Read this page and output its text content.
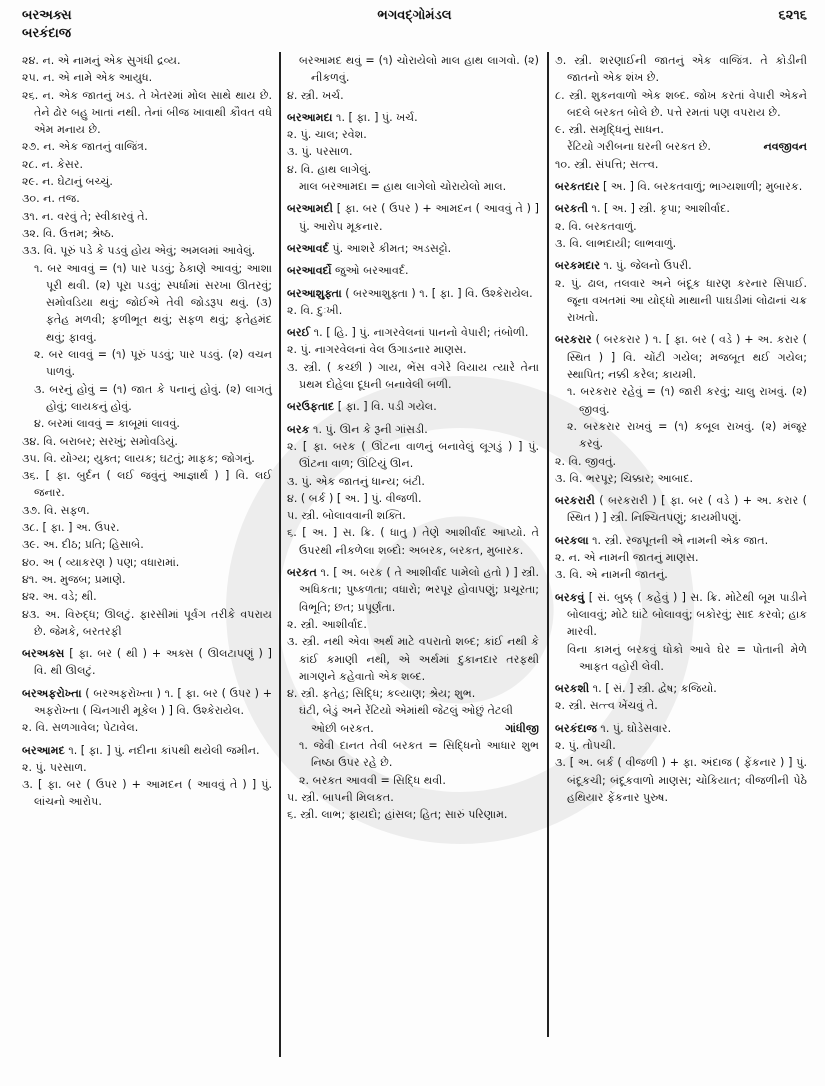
બરઅક્સ	ભગવદ્ગોમંડલ	૬૨૧૬
બરકંદાજ

૨૪. ન. એ નામનું એક સુગંધી દ્રવ્ય.

૨૫. ન. એ નામે એક આયુધ.

૨૬. ન. એક જાતનું ખડ. તે ખેતરમાં મોલ સાથે થાય છે. તેને ઢોર બહુ ખાતાં નથી. તેનાં બીજ ખાવાથી કૌવત વધે એમ મનાય છે.

૨૭. ન. એક જાતનું વાજિંત્ર.

૨૮. ન. કેસર.

૨૯. ન. ઘેટાનું બચ્ચું.

૩૦. ન. તજ.

૩૧. ન. વરવું તે; સ્વીકારવું તે.

૩૨. વિ. ઉત્તમ; શ્રેષ્ઠ.

૩૩. વિ. પૂરું પડે કે પડવું હોય એવું; અમલમાં આવેલું.

૧. બર આવવું = (૧) પાર પડવું; ઠેકાણે આવવું; આશા પૂરી થવી. (૨) પૂરા પડવું; સ્પર્ધામાં સરખા ઊતરવું; સમોવડિયા થવું; જોઈએ તેવી જોડરૂપ થવું. (૩) ફતેહ મળવી; ફળીભૂત થવું; સફળ થવું; ફતેહમંદ થવું; ફાવવું.

૨. બર લાવવું = (૧) પૂરું પડવું; પાર પડવું. (૨) વચન પાળવું.

૩. બરનું હોવું = (૧) જાત કે પનાનું હોવું. (૨) લાગતું હોવું; લાયકનું હોવું.

૪. બરમાં લાવવું = કાબૂમાં લાવવું.

૩૪. વિ. બરાબર; સરખું; સમોવડિયું.

૩૫. વિ. યોગ્ય; યુક્ત; લાયક; ઘટતું; માફક; જોગનું.

૩૬. [ ફા. બુર્દન ( લઈ જવુંનું આજ્ઞાર્થ ) ] વિ. લઈ જનાર.

૩૭. વિ. સફળ.

૩૮. [ ફા. ] અ. ઉપર.

૩૯. અ. દીઠ; પ્રતિ; હિસાબે.

૪૦. અ ( વ્યાકરણ ) પણ; વધારામાં.

૪૧. અ. મુજબ; પ્રમાણે.

૪૨. અ. વડે; થી.

૪૩. અ. વિરુદ્ધ; ઊલટું. ફારસીમાં પૂર્વગ તરીકે વપરાય છે. જેમકે, બરતરફી

બરઅક્સ [ ફા. બર ( થી ) + અક્સ ( ઊલટાપણું ) ] વિ. થી ઊલટું.

બરઅફરોખ્તા ( બરઅફરોખ્તા ) ૧. [ ફા. બર ( ઉપર ) + અફરોખ્તા ( ચિનગારી મૂકેલ ) ] વિ. ઉશ્કેરાયેલ.

૨. વિ. સળગાવેલ; પેટાવેલ.

બરઆમદ ૧. [ ફા. ] પું. નદીના કાંપથી થયેલી જમીન.

૨. પું. પરસાળ.

૩. [ ફા. બર ( ઉપર ) + આમદન ( આવવું તે ) ] પું. લાંચનો આરોપ.

બરઆમદ થવું = (૧) ચોરાયેલો માલ હાથ લાગવો. (૨) નીકળવું.

૪. સ્ત્રી. ખર્ચ.

બરઆમદા ૧. [ ફા. ] પું. ખર્ચ.

૨. પું. ચાલ; રવેશ.

૩. પું. પરસાળ.

૪. વિ. હાથ લાગેલું.

માલ બરઆમદા = હાથ લાગેલો ચોરાયેલો માલ.

બરઆમદી [ ફા. બર ( ઉપર ) + આમદન ( આવવું તે ) ] પું. આરોપ મૂકનાર.

બરઆવર્દ પું. આશરે કીમત; અડસટ્ટો.

બરઆવર્દો જુઓ બરઆવર્દ.

બરઆશુફ્તા ( બરઆશુફ્તા ) ૧. [ ફા. ] વિ. ઉશ્કેરાયેલ.

૨. વિ. દુઃખી.

બરઈ ૧. [ હિ. ] પું. નાગરવેલનાં પાનનો વેપારી; તંબોળી.

૨. પું. નાગરવેલનાં વેલ ઉગાડનાર માણસ.

૩. સ્ત્રી. ( કચ્છી ) ગાય, ભેંસ વગેરે વિયાય ત્યારે તેના પ્રથમ દોહેલા દૂધની બનાવેલી બળી.

બરઉફતાદ [ ફા. ] વિ. પડી ગયેલ.

બરક ૧. પું. ઊન કે રૂની ગાંસડી.

૨. [ ફા. બરક ( ઊંટના વાળનું બનાવેલું લૂગડું ) ] પું. ઊંટના વાળ; ઊંટિયું ઊન.

૩. પું. એક જાતનું ધાન્ય; બંટી.

૪. ( બર્ક ) [ અ. ] પું. વીજળી.

૫. સ્ત્રી. બોલાવવાની શક્તિ.

૬. [ અ. ] સ. ક્રિ. ( ધાતુ ) તેણે આશીર્વાદ આપ્યો. તે ઉપરથી નીકળેલા શબ્દો: અબરક, બરકત, મુબારક.

બરકત ૧. [ અ. બરક ( તે આશીર્વાદ પામેલો હતો ) ] સ્ત્રી. અધિકતા; પુષ્કળતા; વધારો; ભરપૂર હોવાપણું; પ્રચૂરતા; વિભૂતિ; છત; પ્રપૂર્ણતા.

૨. સ્ત્રી. આશીર્વાદ.

૩. સ્ત્રી. નથી એવા અર્થ માટે વપરાતો શબ્દ; કાંઈ નથી કે કાંઈ કમાણી નથી, એ અર્થમાં દુકાનદાર તરફથી માગણને કહેવાતો એક શબ્દ.

૪. સ્ત્રી. ફતેહ; સિદ્ધિ; કલ્યાણ; શ્રેય; શુભ.

ઘંટી, બેડું અને રેંટિયો એમાંથી જેટલું ઓછું તેટલી ઓછી બરકત.	ગાંધીજી

૧. જેવી દાનત તેવી બરકત = સિદ્ધિનો આધાર શુભ નિષ્ઠા ઉપર રહે છે.

૨. બરકત આવવી = સિદ્ધિ થવી.

૫. સ્ત્રી. બાપની મિલકત.

૬. સ્ત્રી. લાભ; ફાયદો; હાંસલ; હિત; સારું પરિણામ.

૭. સ્ત્રી. શરણાઈની જાતનું એક વાજિંત્ર. તે કોડીની જાતનો એક શંખ છે.

૮. સ્ત્રી. શુકનવાળો એક શબ્દ. જોખ કરતાં વેપારી એકને બદલે બરકત બોલે છે. પત્તે રમતાં પણ વપરાય છે.

૯. સ્ત્રી. સમૃદ્ધિનું સાધન.

રેંટિયો ગરીબના ઘરની બરકત છે.	નવજીવન

૧૦. સ્ત્રી. સંપત્તિ; સત્ત્વ.

બરકતદાર [ અ. ] વિ. બરકતવાળું; ભાગ્યશાળી; મુબારક.

બરકતી ૧. [ અ. ] સ્ત્રી. કૃપા; આશીર્વાદ.

૨. વિ. બરકતવાળું.

૩. વિ. લાભદાયી; લાભવાળું.

બરકમદાર ૧. પું. જેલનો ઉપરી.

૨. પું. ઢાલ, તલવાર અને બંદૂક ધારણ કરનાર સિપાઈ. જૂના વખતમાં આ યોદ્ધો માથાની પાઘડીમાં લોઢાનાં ચક્ર રાખતો.

બરકરાર ( બરકરાર ) ૧. [ ફા. બર ( વડે ) + અ. કરાર ( સ્થિત ) ] વિ. ચોંટી ગયેલ; મજબૂત થઈ ગયેલ; સ્થાપિત; નક્કી કરેલ; કાયમી.

૧. બરકરાર રહેવું = (૧) જારી કરવું; ચાલુ રાખવું. (૨) જીવવું.

૨. બરકરાર રાખવું = (૧) કબૂલ રાખવું. (૨) મંજૂર કરવું.

૨. વિ. જીવતું.

૩. વિ. ભરપૂર; ચિક્કાર; આબાદ.

બરકરારી ( બરકરારી ) [ ફા. બર ( વડે ) + અ. કરાર ( સ્થિત ) ] સ્ત્રી. નિશ્ચિતપણું; કાયમીપણું.

બરકલા ૧. સ્ત્રી. રજપૂતની એ નામની એક જાત.

૨. ન. એ નામની જાતનું માણસ.

૩. વિ. એ નામની જાતનું.

બરકવું [ સં. બુક્ક્ ( કહેવું ) ] સ. ક્રિ. મોટેથી બૂમ પાડીને બોલાવવું; મોટે ઘાંટે બોલાવવું; બકોરવું; સાદ કરવો; હાક મારવી.

વિના કામનું બરકવું ધોકો આવે ઘેર = પોતાની મેળે આફત વહોરી લેવી.

બરકશી ૧. [ સં. ] સ્ત્રી. દ્વેષ; કજિયો.

૨. સ્ત્રી. સત્ત્વ ખેંચવું તે.

બરકંદાજ ૧. પું. ઘોડેસવાર.

૨. પું. તોપચી.

૩. [ અ. બર્ક ( વીજળી ) + ફા. અંદાજ ( ફેંકનાર ) ] પું. બંદૂકચી; બંદૂકવાળો માણસ; ચોકિયાત; વીજળીની પેઠે હથિયાર ફેંકનાર પુરુષ.
